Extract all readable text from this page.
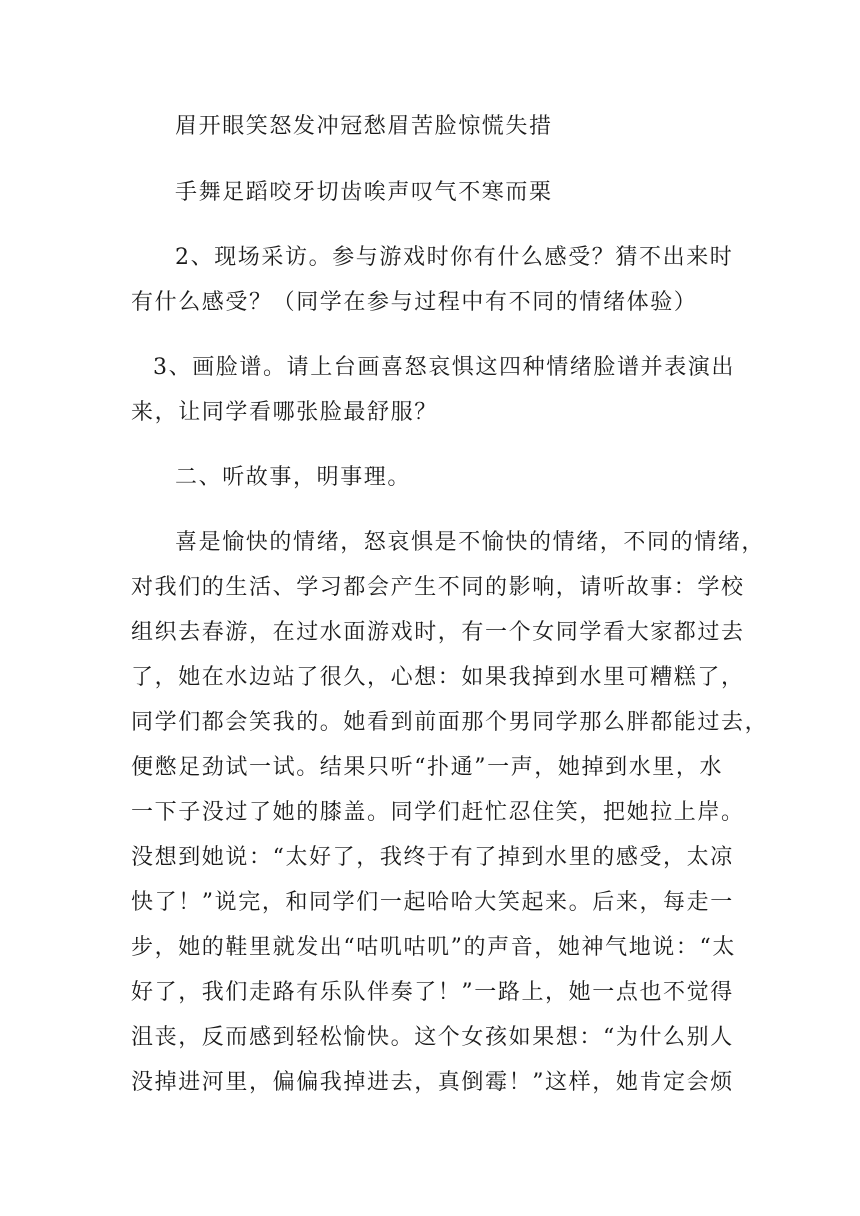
眉开眼笑怒发冲冠愁眉苦脸惊慌失措
手舞足蹈咬牙切齿唉声叹气不寒而栗
2、现场采访。参与游戏时你有什么感受？猜不出来时
有什么感受？（同学在参与过程中有不同的情绪体验）
3、画脸谱。请上台画喜怒哀惧这四种情绪脸谱并表演出
来，让同学看哪张脸最舒服？
二、听故事，明事理。
喜是愉快的情绪，怒哀惧是不愉快的情绪，不同的情绪，
对我们的生活、学习都会产生不同的影响，请听故事：学校
组织去春游，在过水面游戏时，有一个女同学看大家都过去
了，她在水边站了很久，心想：如果我掉到水里可糟糕了，
同学们都会笑我的。她看到前面那个男同学那么胖都能过去，
便憋足劲试一试。结果只听“扑通”一声，她掉到水里，水
一下子没过了她的膝盖。同学们赶忙忍住笑，把她拉上岸。
没想到她说：“太好了，我终于有了掉到水里的感受，太凉
快了！”说完，和同学们一起哈哈大笑起来。后来，每走一
步，她的鞋里就发出“咕叽咕叽”的声音，她神气地说：“太
好了，我们走路有乐队伴奏了！”一路上，她一点也不觉得
沮丧，反而感到轻松愉快。这个女孩如果想：“为什么别人
没掉进河里，偏偏我掉进去，真倒霉！”这样，她肯定会烦
